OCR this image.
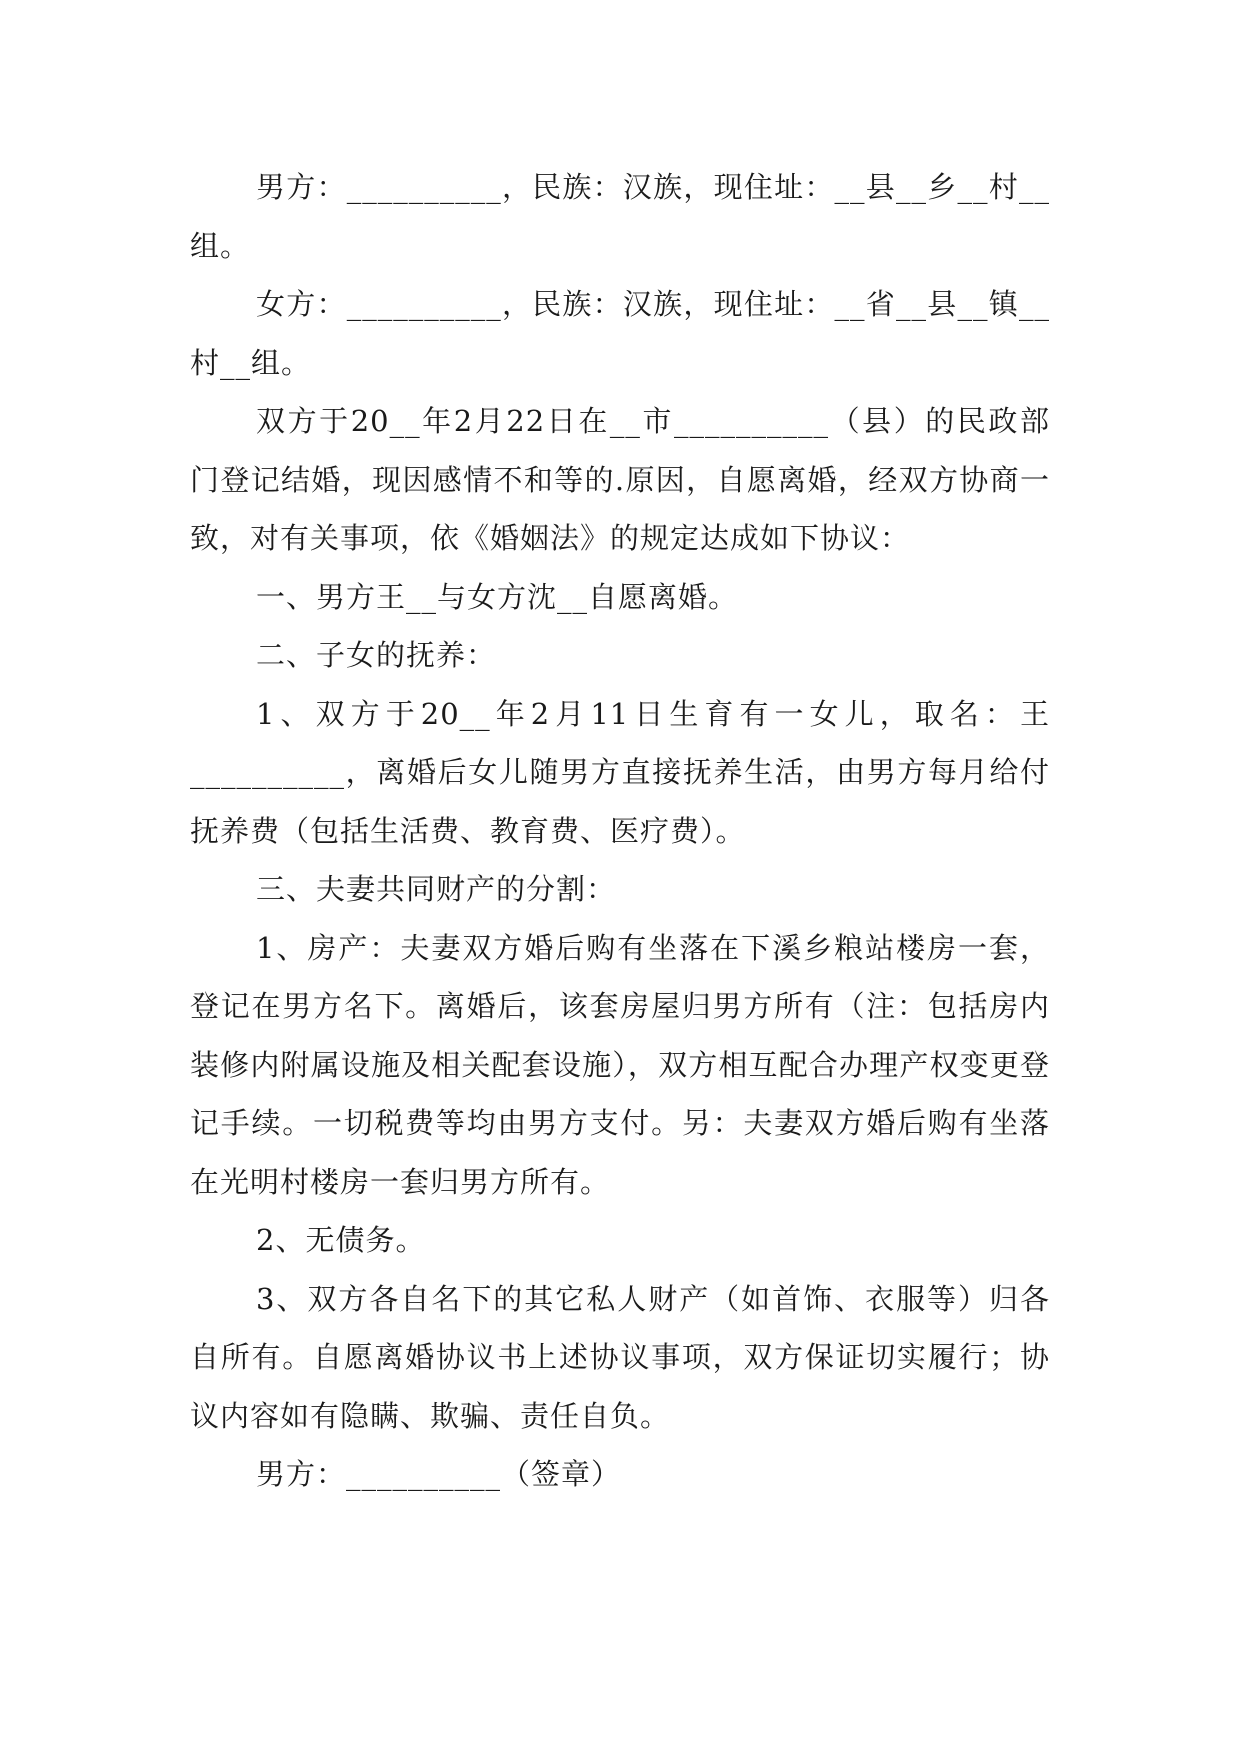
男方：__________，民族：汉族，现住址：__县__乡__村__组。

女方：__________，民族：汉族，现住址：__省__县__镇__村__组。

双方于20__年2月22日在__市__________（县）的民政部门登记结婚，现因感情不和等的.原因，自愿离婚，经双方协商一致，对有关事项，依《婚姻法》的规定达成如下协议：

一、男方王__与女方沈__自愿离婚。

二、子女的抚养：

1、双方于20__年2月11日生育有一女儿，取名：王__________，离婚后女儿随男方直接抚养生活，由男方每月给付抚养费（包括生活费、教育费、医疗费）。

三、夫妻共同财产的分割：

1、房产：夫妻双方婚后购有坐落在下溪乡粮站楼房一套，登记在男方名下。离婚后，该套房屋归男方所有（注：包括房内装修内附属设施及相关配套设施），双方相互配合办理产权变更登记手续。一切税费等均由男方支付。另：夫妻双方婚后购有坐落在光明村楼房一套归男方所有。

2、无债务。

3、双方各自名下的其它私人财产（如首饰、衣服等）归各自所有。自愿离婚协议书上述协议事项，双方保证切实履行；协议内容如有隐瞒、欺骗、责任自负。

男方：__________（签章）
